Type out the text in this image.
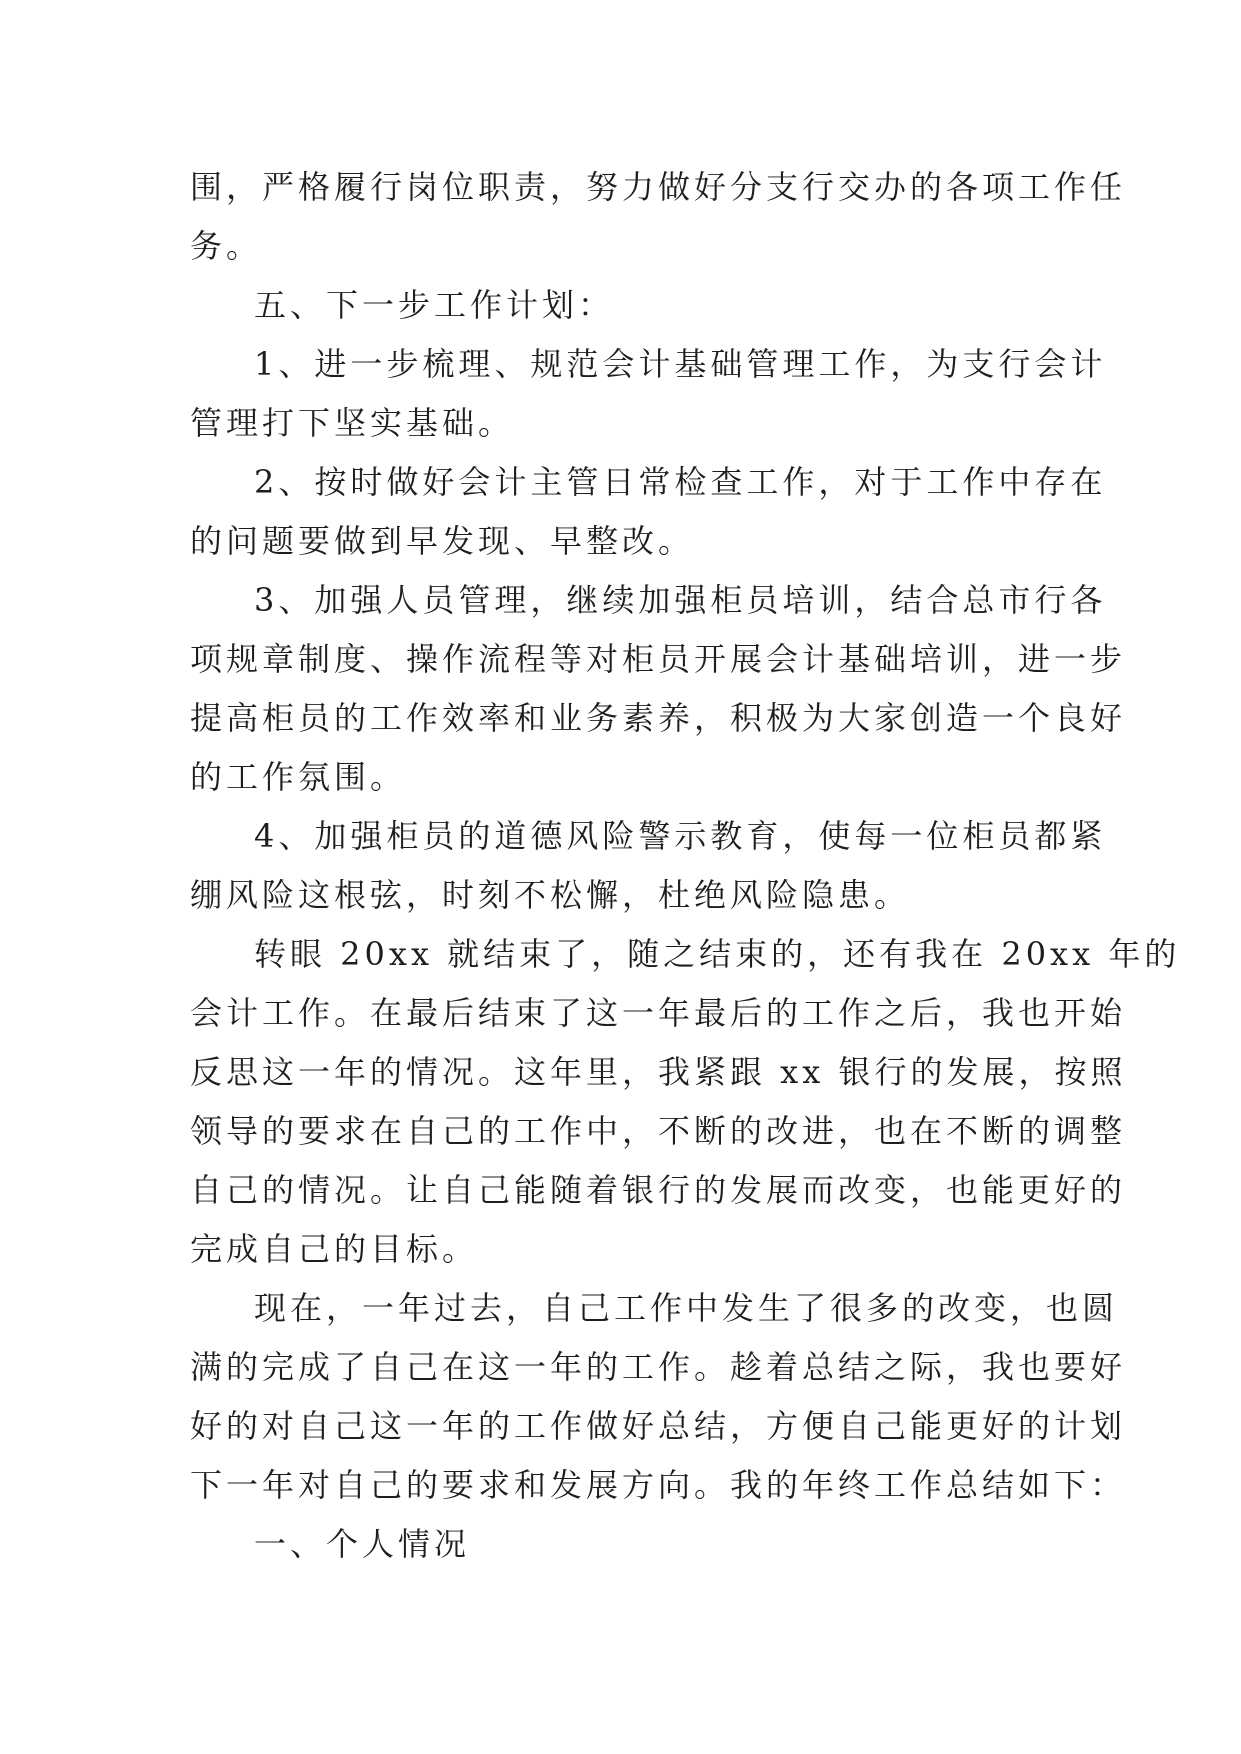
围，严格履行岗位职责，努力做好分支行交办的各项工作任
务。
五、下一步工作计划：
1、进一步梳理、规范会计基础管理工作，为支行会计
管理打下坚实基础。
2、按时做好会计主管日常检查工作，对于工作中存在
的问题要做到早发现、早整改。
3、加强人员管理，继续加强柜员培训，结合总市行各
项规章制度、操作流程等对柜员开展会计基础培训，进一步
提高柜员的工作效率和业务素养，积极为大家创造一个良好
的工作氛围。
4、加强柜员的道德风险警示教育，使每一位柜员都紧
绷风险这根弦，时刻不松懈，杜绝风险隐患。
转眼 20xx 就结束了，随之结束的，还有我在 20xx 年的
会计工作。在最后结束了这一年最后的工作之后，我也开始
反思这一年的情况。这年里，我紧跟 xx 银行的发展，按照
领导的要求在自己的工作中，不断的改进，也在不断的调整
自己的情况。让自己能随着银行的发展而改变，也能更好的
完成自己的目标。
现在，一年过去，自己工作中发生了很多的改变，也圆
满的完成了自己在这一年的工作。趁着总结之际，我也要好
好的对自己这一年的工作做好总结，方便自己能更好的计划
下一年对自己的要求和发展方向。我的年终工作总结如下：
一、个人情况
